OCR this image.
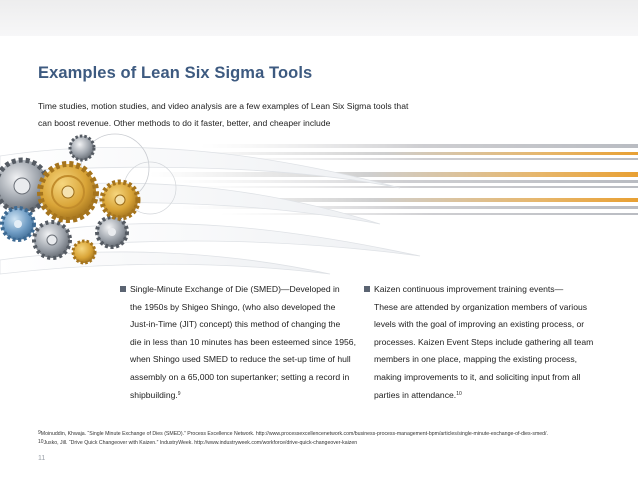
Examples of Lean Six Sigma Tools

Time studies, motion studies, and video analysis are a few examples of Lean Six Sigma tools that
can boost revenue. Other methods to do it faster, better, and cheaper include

Single-Minute Exchange of Die (SMED)—Developed in
the 1950s by Shigeo Shingo, (who also developed the
Just-in-Time (JIT) concept) this method of changing the
die in less than 10 minutes has been esteemed since 1956,
when Shingo used SMED to reduce the set-up time of hull
assembly on a 65,000 ton supertanker; setting a record in
shipbuilding.$^9$
Kaizen continuous improvement training events—
These are attended by organization members of various
levels with the goal of improving an existing process, or
processes. Kaizen Event Steps include gathering all team
members in one place, mapping the existing process,
making improvements to it, and soliciting input from all
parties in attendance.$^{10}$
$^9$Moinuddin, Khwaja. “Single Minute Exchange of Dies (SMED).” Process Excellence Network. http://www.processexcellencenetwork.com/business-process-management-bpm/articles/single-minute-exchange-of-dies-smed/.
$^{10}$Jusko, Jill. “Drive Quick Changeover with Kaizen.” IndustryWeek. http://www.industryweek.com/workforce/drive-quick-changeover-kaizen
11
